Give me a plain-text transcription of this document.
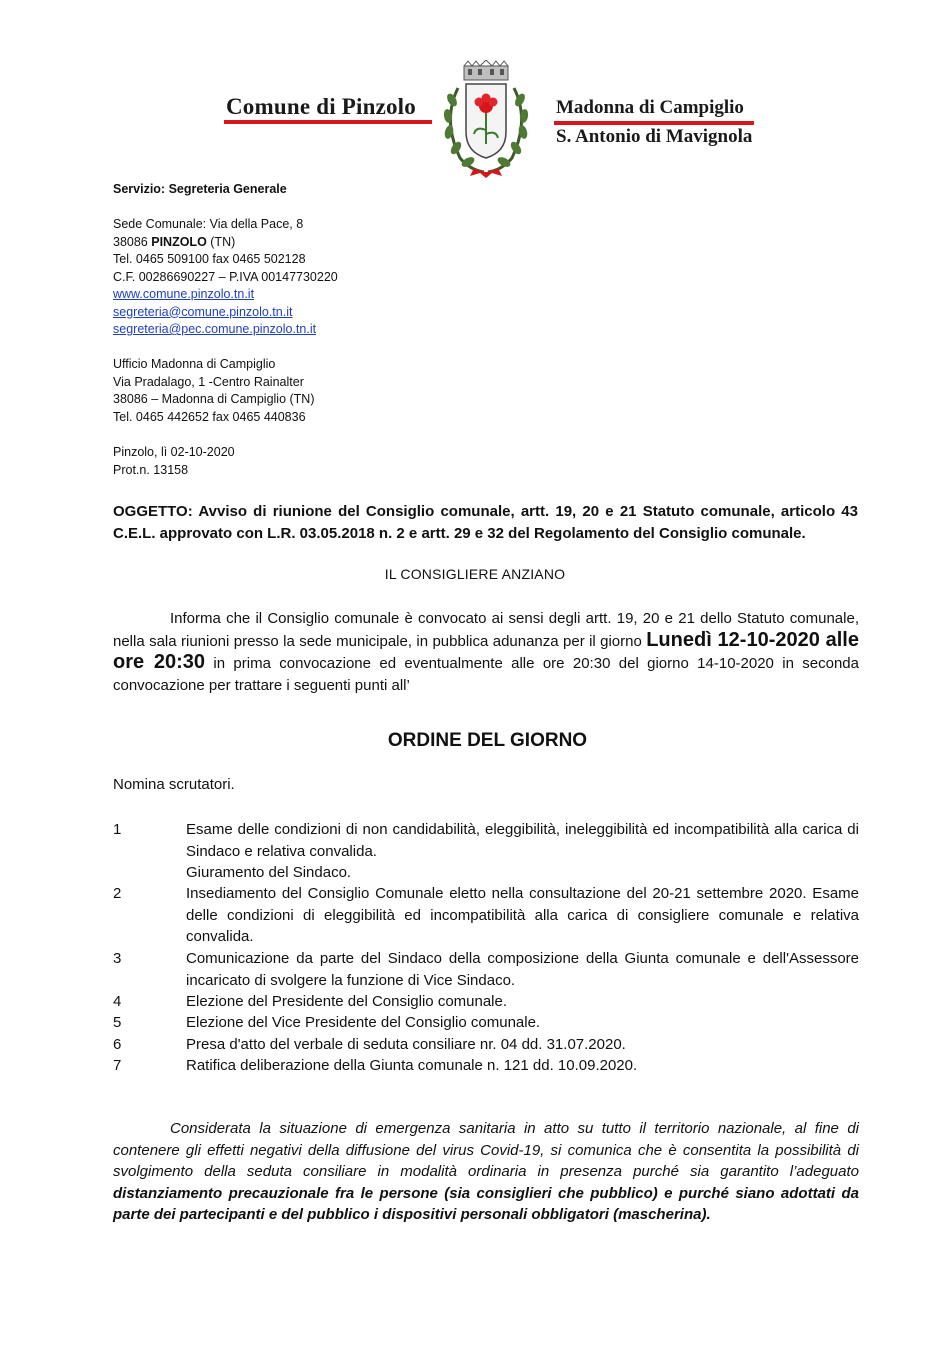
Comune di Pinzolo	Madonna di Campiglio
S. Antonio di Mavignola
Servizio: Segreteria Generale
Sede Comunale: Via della Pace, 8
38086 PINZOLO (TN)
Tel. 0465 509100 fax 0465 502128
C.F. 00286690227 – P.IVA 00147730220
www.comune.pinzolo.tn.it
segreteria@comune.pinzolo.tn.it
segreteria@pec.comune.pinzolo.tn.it
Ufficio Madonna di Campiglio
Via Pradalago, 1 -Centro Rainalter
38086 – Madonna di Campiglio (TN)
Tel. 0465 442652 fax 0465 440836
Pinzolo, lì 02-10-2020
Prot.n. 13158
OGGETTO: Avviso di riunione del Consiglio comunale, artt. 19, 20 e 21 Statuto comunale, articolo 43 C.E.L. approvato con L.R. 03.05.2018 n. 2 e artt. 29 e 32 del Regolamento del Consiglio comunale.
IL CONSIGLIERE ANZIANO
Informa che il Consiglio comunale è convocato ai sensi degli artt. 19, 20 e 21 dello Statuto comunale, nella sala riunioni presso la sede municipale, in pubblica adunanza per il giorno Lunedì 12-10-2020 alle ore 20:30 in prima convocazione ed eventualmente alle ore 20:30 del giorno 14-10-2020 in seconda convocazione per trattare i seguenti punti all’
ORDINE DEL GIORNO
Nomina scrutatori.
1	Esame delle condizioni di non candidabilità, eleggibilità, ineleggibilità ed incompatibilità alla carica di Sindaco e relativa convalida.
Giuramento del Sindaco.
2	Insediamento del Consiglio Comunale eletto nella consultazione del 20-21 settembre 2020. Esame delle condizioni di eleggibilità ed incompatibilità alla carica di consigliere comunale e relativa convalida.
3	Comunicazione da parte del Sindaco della composizione della Giunta comunale e dell'Assessore incaricato di svolgere la funzione di Vice Sindaco.
4	Elezione del Presidente del Consiglio comunale.
5	Elezione del Vice Presidente del Consiglio comunale.
6	Presa d'atto del verbale di seduta consiliare nr. 04 dd. 31.07.2020.
7	Ratifica deliberazione della Giunta comunale n. 121 dd. 10.09.2020.
Considerata la situazione di emergenza sanitaria in atto su tutto il territorio nazionale, al fine di contenere gli effetti negativi della diffusione del virus Covid-19, si comunica che è consentita la possibilità di svolgimento della seduta consiliare in modalità ordinaria in presenza purché sia garantito l’adeguato distanziamento precauzionale fra le persone (sia consiglieri che pubblico) e purché siano adottati da parte dei partecipanti e del pubblico i dispositivi personali obbligatori (mascherina).
